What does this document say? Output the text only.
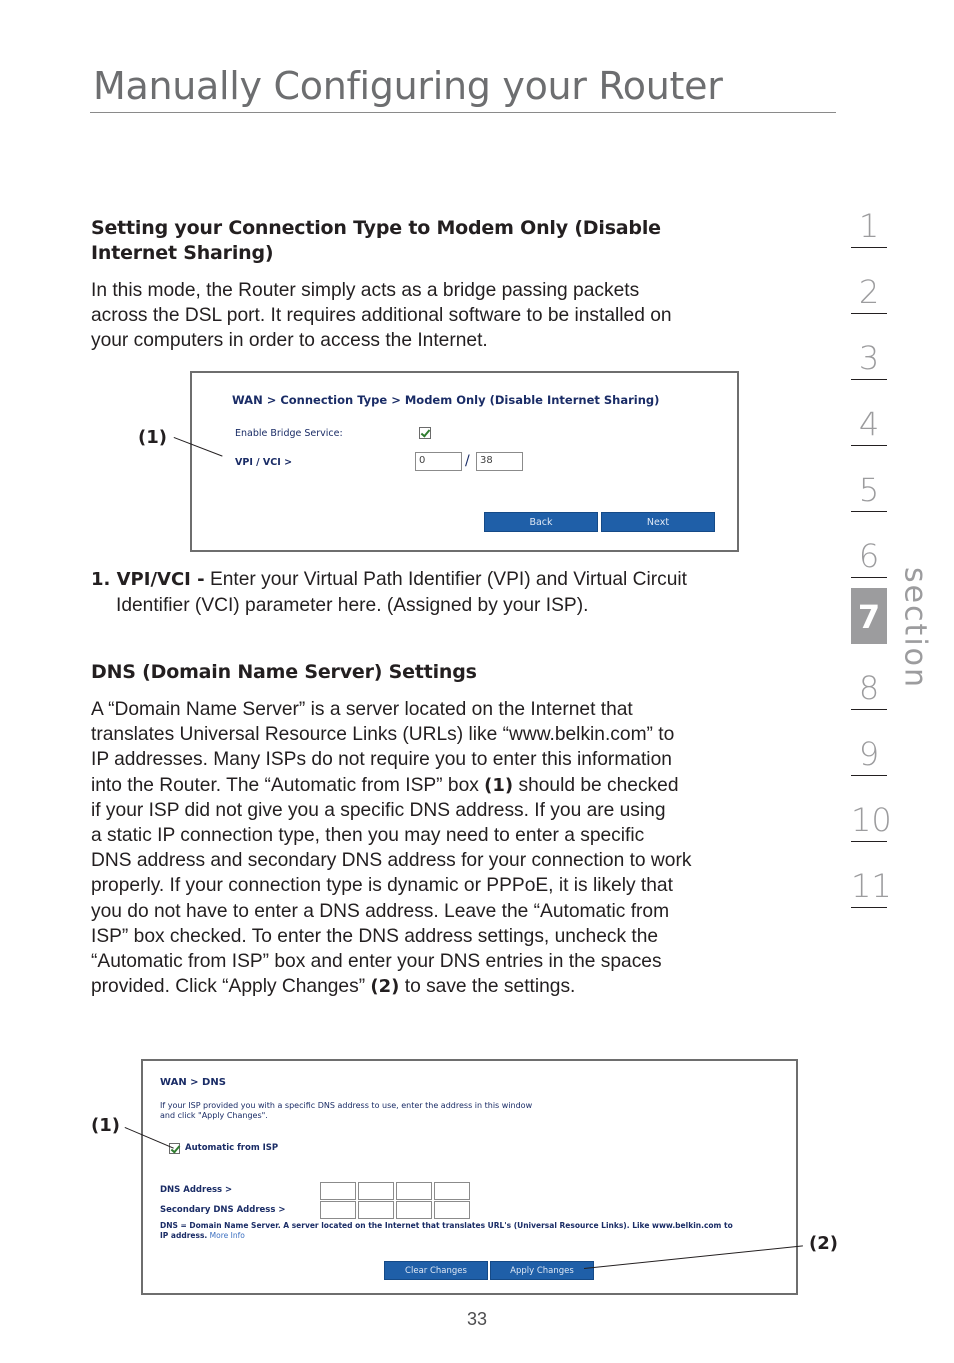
Manually Configuring your Router
1
2
3
4
5
6
7
8
9
10
11
section
Setting your Connection Type to Modem Only (Disable
Internet Sharing)
In this mode, the Router simply acts as a bridge passing packets
across the DSL port. It requires additional software to be installed on
your computers in order to access the Internet.
WAN > Connection Type > Modem Only (Disable Internet Sharing)
Enable Bridge Service:
VPI / VCI >	0	/	38
Back	Next
(1)
1. VPI/VCI - Enter your Virtual Path Identifier (VPI) and Virtual Circuit
Identifier (VCI) parameter here. (Assigned by your ISP).
DNS (Domain Name Server) Settings
A “Domain Name Server” is a server located on the Internet that
translates Universal Resource Links (URLs) like “www.belkin.com” to
IP addresses. Many ISPs do not require you to enter this information
into the Router. The “Automatic from ISP” box (1) should be checked
if your ISP did not give you a specific DNS address. If you are using
a static IP connection type, then you may need to enter a specific
DNS address and secondary DNS address for your connection to work
properly. If your connection type is dynamic or PPPoE, it is likely that
you do not have to enter a DNS address. Leave the “Automatic from
ISP” box checked. To enter the DNS address settings, uncheck the
“Automatic from ISP” box and enter your DNS entries in the spaces
provided. Click “Apply Changes” (2) to save the settings.
WAN > DNS
If your ISP provided you with a specific DNS address to use, enter the address in this window
and click "Apply Changes".
Automatic from ISP
DNS Address >
Secondary DNS Address >
DNS = Domain Name Server. A server located on the Internet that translates URL's (Universal Resource Links). Like www.belkin.com to
IP address. More Info
Clear Changes	Apply Changes
(1)
(2)
33
